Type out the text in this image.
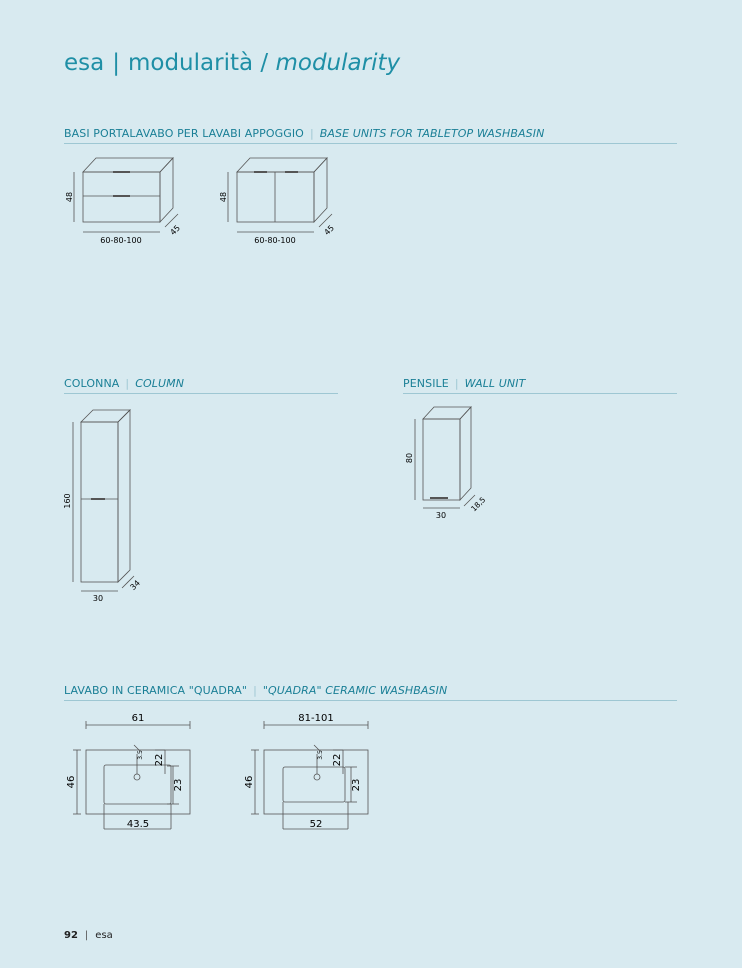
esa | modularità / modularity
BASI PORTALAVABO PER LAVABI APPOGGIO | BASE UNITS FOR TABLETOP WASHBASIN
48
60-80-100
45
48
60-80-100
45
COLONNA | COLUMN	PENSILE | WALL UNIT
160
30
34
80
30
18,5
LAVABO IN CERAMICA "QUADRA" | "QUADRA" CERAMIC WASHBASIN
61
46
43.5
23
22
3.5
81-101
46
52
23
22
3.5
92 | esa
